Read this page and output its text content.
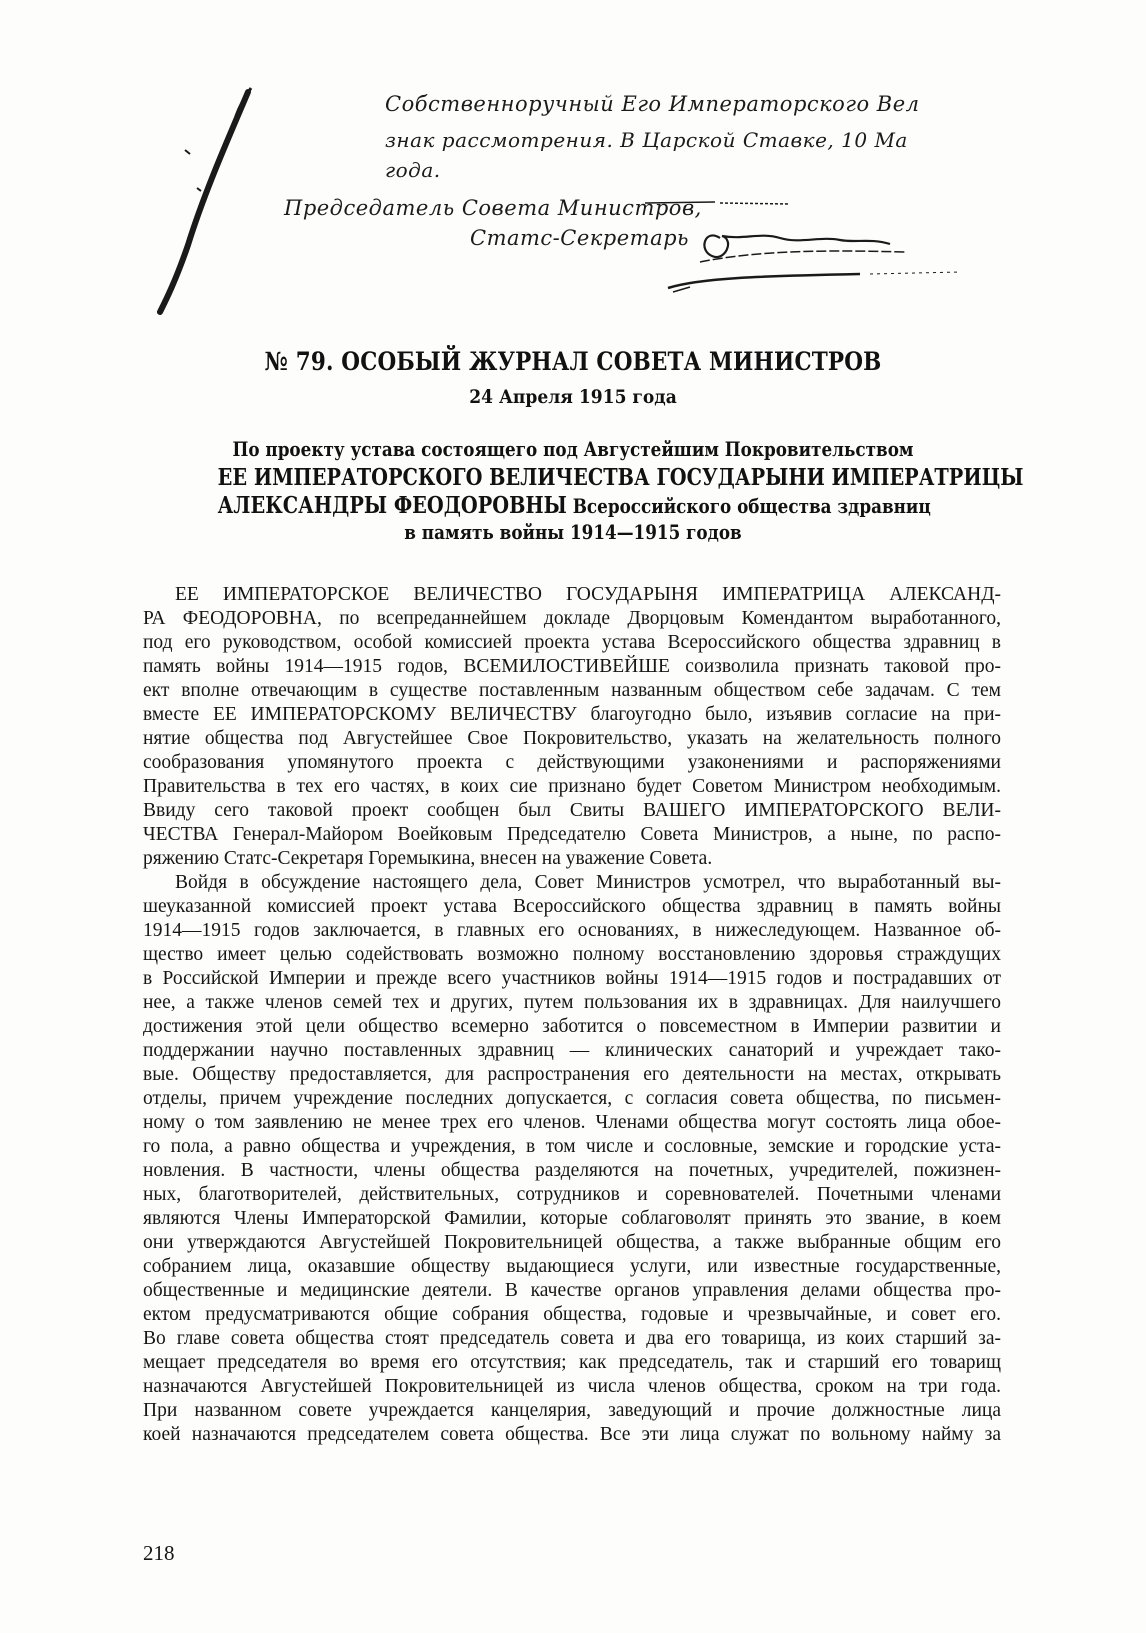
Собственноручный Его Императорского Вел
знак рассмотрения. В Царской Ставке, 10 Ма
года.
Председатель Совета Министров,
Статс-Секретарь
№ 79. ОСОБЫЙ ЖУРНАЛ СОВЕТА МИНИСТРОВ
24 Апреля 1915 года
По проекту устава состоящего под Августейшим Покровительством
ЕЕ ИМПЕРАТОРСКОГО ВЕЛИЧЕСТВА ГОСУДАРЫНИ ИМПЕРАТРИЦЫ
АЛЕКСАНДРЫ ФЕОДОРОВНЫ Всероссийского общества здравниц
в память войны 1914—1915 годов
ЕЕ ИМПЕРАТОРСКОЕ ВЕЛИЧЕСТВО ГОСУДАРЫНЯ ИМПЕРАТРИЦА АЛЕКСАНД-
РА ФЕОДОРОВНА, по всепреданнейшем докладе Дворцовым Комендантом выработанного,
под его руководством, особой комиссией проекта устава Всероссийского общества здравниц в
память войны 1914—1915 годов, ВСЕМИЛОСТИВЕЙШЕ соизволила признать таковой про-
ект вполне отвечающим в существе поставленным названным обществом себе задачам. С тем
вместе ЕЕ ИМПЕРАТОРСКОМУ ВЕЛИЧЕСТВУ благоугодно было, изъявив согласие на при-
нятие общества под Августейшее Свое Покровительство, указать на желательность полного
сообразования упомянутого проекта с действующими узаконениями и распоряжениями
Правительства в тех его частях, в коих сие признано будет Советом Министром необходимым.
Ввиду сего таковой проект сообщен был Свиты ВАШЕГО ИМПЕРАТОРСКОГО ВЕЛИ-
ЧЕСТВА Генерал-Майором Воейковым Председателю Совета Министров, а ныне, по распо-
ряжению Статс-Секретаря Горемыкина, внесен на уважение Совета.
Войдя в обсуждение настоящего дела, Совет Министров усмотрел, что выработанный вы-
шеуказанной комиссией проект устава Всероссийского общества здравниц в память войны
1914—1915 годов заключается, в главных его основаниях, в нижеследующем. Названное об-
щество имеет целью содействовать возможно полному восстановлению здоровья страждущих
в Российской Империи и прежде всего участников войны 1914—1915 годов и пострадавших от
нее, а также членов семей тех и других, путем пользования их в здравницах. Для наилучшего
достижения этой цели общество всемерно заботится о повсеместном в Империи развитии и
поддержании научно поставленных здравниц — клинических санаторий и учреждает тако-
вые. Обществу предоставляется, для распространения его деятельности на местах, открывать
отделы, причем учреждение последних допускается, с согласия совета общества, по письмен-
ному о том заявлению не менее трех его членов. Членами общества могут состоять лица обое-
го пола, а равно общества и учреждения, в том числе и сословные, земские и городские уста-
новления. В частности, члены общества разделяются на почетных, учредителей, пожизнен-
ных, благотворителей, действительных, сотрудников и соревнователей. Почетными членами
являются Члены Императорской Фамилии, которые соблаговолят принять это звание, в коем
они утверждаются Августейшей Покровительницей общества, а также выбранные общим его
собранием лица, оказавшие обществу выдающиеся услуги, или известные государственные,
общественные и медицинские деятели. В качестве органов управления делами общества про-
ектом предусматриваются общие собрания общества, годовые и чрезвычайные, и совет его.
Во главе совета общества стоят председатель совета и два его товарища, из коих старший за-
мещает председателя во время его отсутствия; как председатель, так и старший его товарищ
назначаются Августейшей Покровительницей из числа членов общества, сроком на три года.
При названном совете учреждается канцелярия, заведующий и прочие должностные лица
коей назначаются председателем совета общества. Все эти лица служат по вольному найму за
218
